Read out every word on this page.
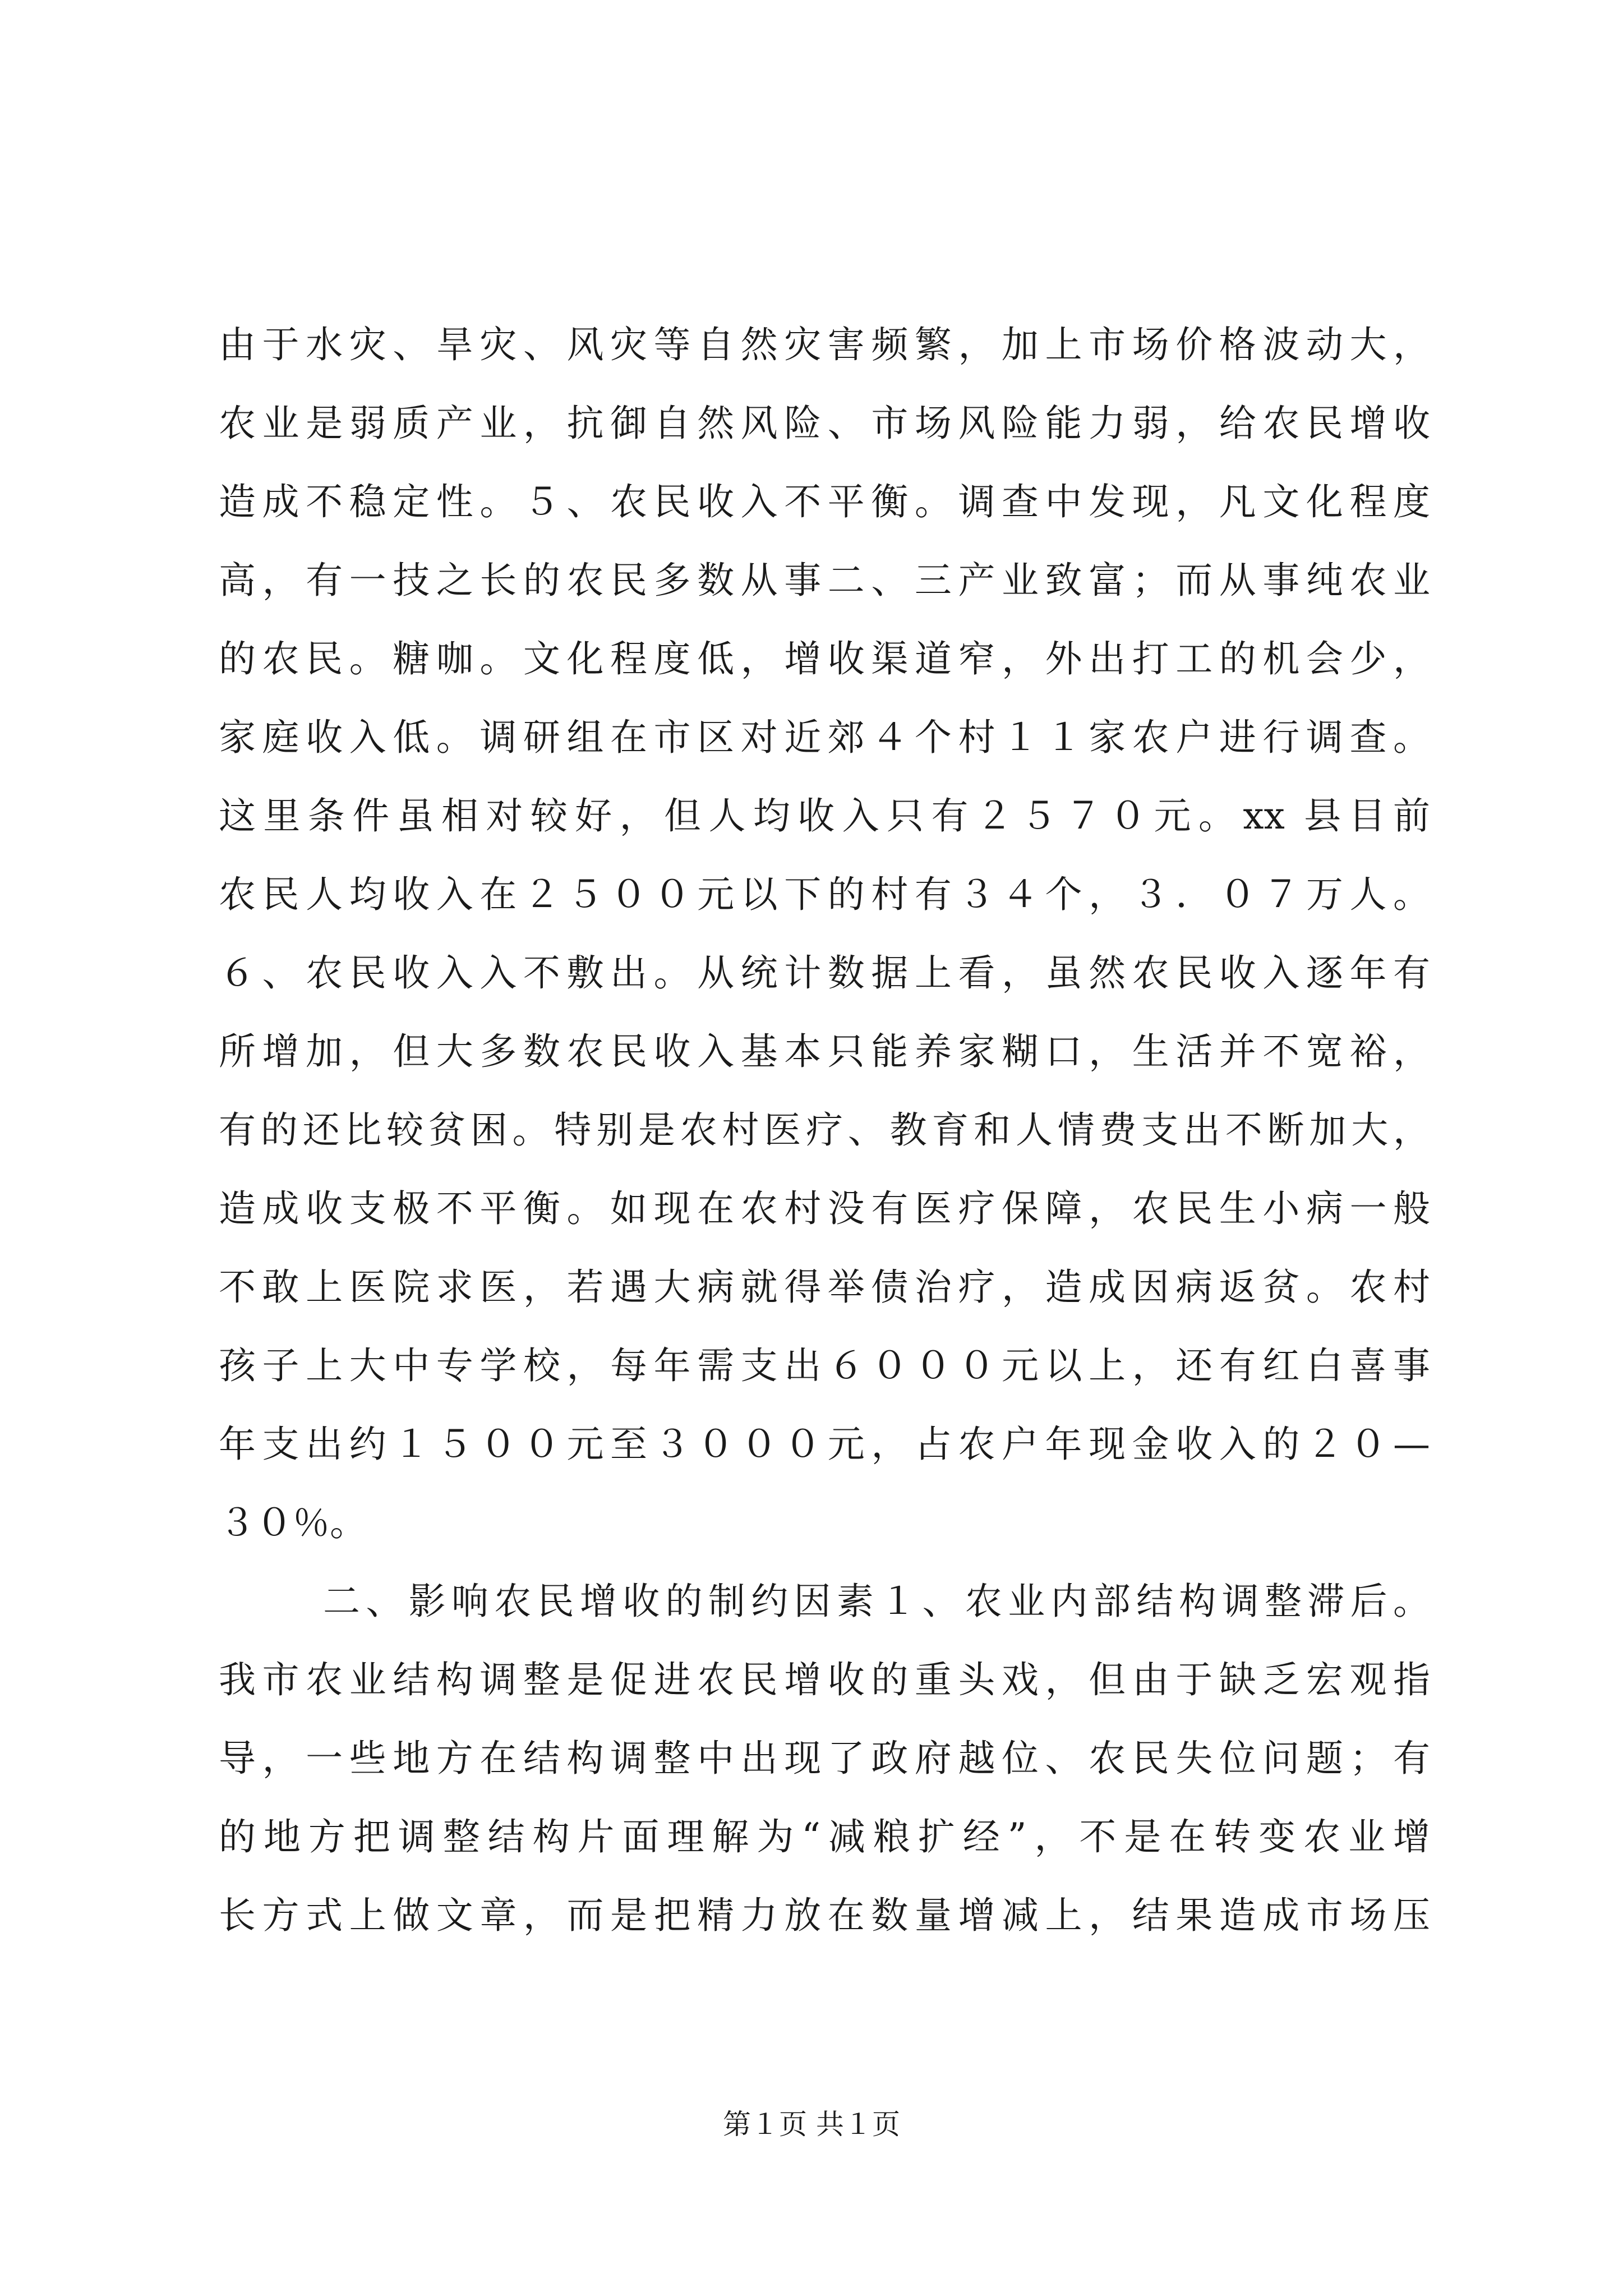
由于水灾、旱灾、风灾等自然灾害频繁，加上市场价格波动大，
农业是弱质产业，抗御自然风险、市场风险能力弱，给农民增收
造成不稳定性。５、农民收入不平衡。调查中发现，凡文化程度
高，有一技之长的农民多数从事二、三产业致富；而从事纯农业
的农民。糖咖。文化程度低，增收渠道窄，外出打工的机会少，
家庭收入低。调研组在市区对近郊４个村１１家农户进行调查。
这里条件虽相对较好，但人均收入只有２５７０元。xx 县目前
农民人均收入在２５００元以下的村有３４个，３．０７万人。
６、农民收入入不敷出。从统计数据上看，虽然农民收入逐年有
所增加，但大多数农民收入基本只能养家糊口，生活并不宽裕，
有的还比较贫困。特别是农村医疗、教育和人情费支出不断加大，
造成收支极不平衡。如现在农村没有医疗保障，农民生小病一般
不敢上医院求医，若遇大病就得举债治疗，造成因病返贫。农村
孩子上大中专学校，每年需支出６０００元以上，还有红白喜事
年支出约１５００元至３０００元，占农户年现金收入的２０—
３０％。
二、影响农民增收的制约因素１、农业内部结构调整滞后。
我市农业结构调整是促进农民增收的重头戏，但由于缺乏宏观指
导，一些地方在结构调整中出现了政府越位、农民失位问题；有
的地方把调整结构片面理解为“减粮扩经”，不是在转变农业增
长方式上做文章，而是把精力放在数量增减上，结果造成市场压
第１页 共１页
